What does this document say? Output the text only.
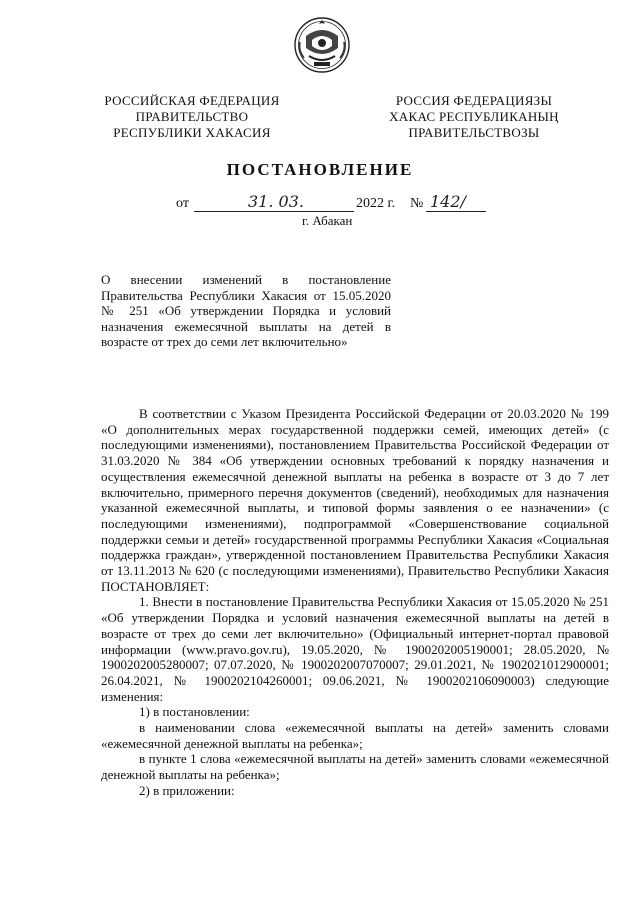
РОССИЙСКАЯ ФЕДЕРАЦИЯ
ПРАВИТЕЛЬСТВО
РЕСПУБЛИКИ ХАКАСИЯ
РОССИЯ ФЕДЕРАЦИЯЗЫ
ХАКАС РЕСПУБЛИКАНЫҢ
ПРАВИТЕЛЬСТВОЗЫ
ПОСТАНОВЛЕНИЕ
от	31. 03.	2022 г. № 142/
г. Абакан
О внесении изменений в постановление Правительства Республики Хакасия от 15.05.2020 № 251 «Об утверждении Порядка и условий назначения ежемесячной выплаты на детей в возрасте от трех до семи лет включительно»

В соответствии с Указом Президента Российской Федерации от 20.03.2020 № 199 «О дополнительных мерах государственной поддержки семей, имеющих детей» (с последующими изменениями), постановлением Правительства Российской Федерации от 31.03.2020 № 384 «Об утверждении основных требований к порядку назначения и осуществления ежемесячной денежной выплаты на ребенка в возрасте от 3 до 7 лет включительно, примерного перечня документов (сведений), необходимых для назначения указанной ежемесячной выплаты, и типовой формы заявления о ее назначении» (с последующими изменениями), подпрограммой «Совершенствование социальной поддержки семьи и детей» государственной программы Республики Хакасия «Социальная поддержка граждан», утвержденной постановлением Правительства Республики Хакасия от 13.11.2013 № 620 (с последующими изменениями), Правительство Республики Хакасия ПОСТАНОВЛЯЕТ:

1. Внести в постановление Правительства Республики Хакасия от 15.05.2020 № 251 «Об утверждении Порядка и условий назначения ежемесячной выплаты на детей в возрасте от трех до семи лет включительно» (Официальный интернет-портал правовой информации (www.pravo.gov.ru), 19.05.2020, № 1900202005190001; 28.05.2020, № 1900202005280007; 07.07.2020, № 1900202007070007; 29.01.2021, № 1902021012900001; 26.04.2021, № 1900202104260001; 09.06.2021, № 1900202106090003) следующие изменения:

1) в постановлении:

в наименовании слова «ежемесячной выплаты на детей» заменить словами «ежемесячной денежной выплаты на ребенка»;

в пункте 1 слова «ежемесячной выплаты на детей» заменить словами «ежемесячной денежной выплаты на ребенка»;

2) в приложении:
